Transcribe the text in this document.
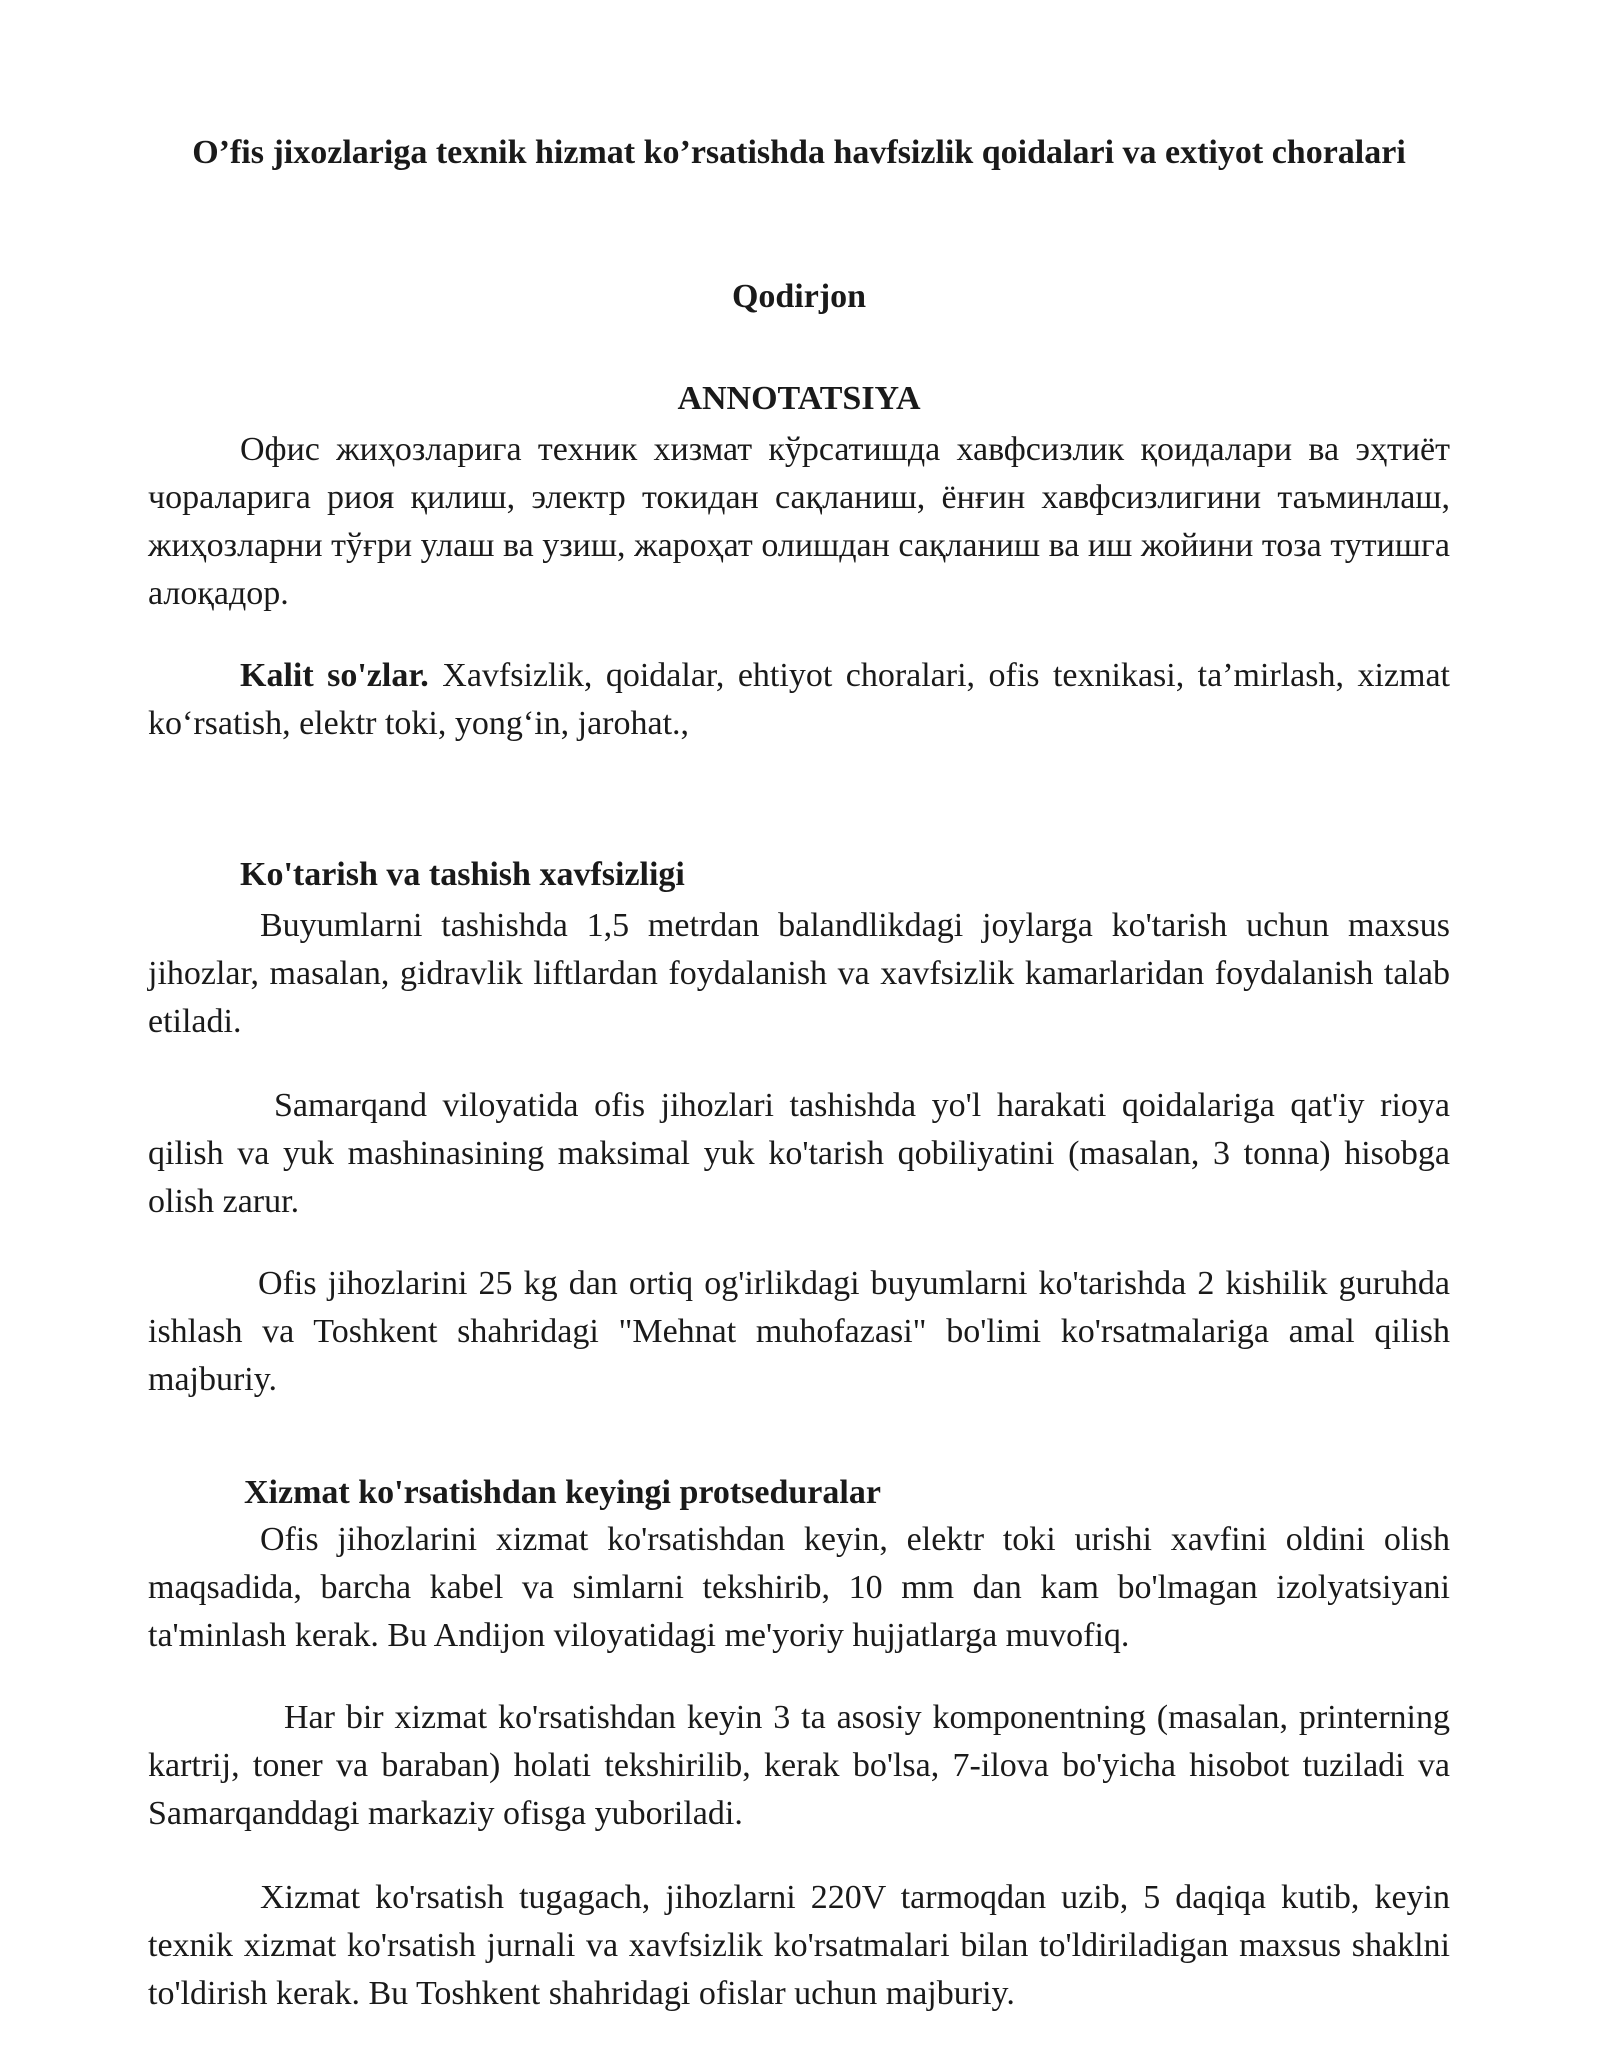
O’fis jixozlariga texnik hizmat ko’rsatishda havfsizlik qoidalari va extiyot choralari
Qodirjon
ANNOTATSIYA

Офис жиҳозларига техник хизмат кўрсатишда хавфсизлик қоидалари ва эҳтиёт чораларига риоя қилиш, электр токидан сақланиш, ёнғин хавфсизлигини таъминлаш, жиҳозларни тўғри улаш ва узиш, жароҳат олишдан сақланиш ва иш жойини тоза тутишга алоқадор.

Kalit so'zlar. Xavfsizlik, qoidalar, ehtiyot choralari, ofis texnikasi, ta’mirlash, xizmat ko‘rsatish, elektr toki, yong‘in, jarohat.,

Ko'tarish va tashish xavfsizligi

Buyumlarni tashishda 1,5 metrdan balandlikdagi joylarga ko'tarish uchun maxsus jihozlar, masalan, gidravlik liftlardan foydalanish va xavfsizlik kamarlaridan foydalanish talab etiladi.

Samarqand viloyatida ofis jihozlari tashishda yo'l harakati qoidalariga qat'iy rioya qilish va yuk mashinasining maksimal yuk ko'tarish qobiliyatini (masalan, 3 tonna) hisobga olish zarur.

Ofis jihozlarini 25 kg dan ortiq og'irlikdagi buyumlarni ko'tarishda 2 kishilik guruhda ishlash va Toshkent shahridagi "Mehnat muhofazasi" bo'limi ko'rsatmalariga amal qilish majburiy.

Xizmat ko'rsatishdan keyingi protseduralar

Ofis jihozlarini xizmat ko'rsatishdan keyin, elektr toki urishi xavfini oldini olish maqsadida, barcha kabel va simlarni tekshirib, 10 mm dan kam bo'lmagan izolyatsiyani ta'minlash kerak. Bu Andijon viloyatidagi me'yoriy hujjatlarga muvofiq.

Har bir xizmat ko'rsatishdan keyin 3 ta asosiy komponentning (masalan, printerning kartrij, toner va baraban) holati tekshirilib, kerak bo'lsa, 7-ilova bo'yicha hisobot tuziladi va Samarqanddagi markaziy ofisga yuboriladi.

Xizmat ko'rsatish tugagach, jihozlarni 220V tarmoqdan uzib, 5 daqiqa kutib, keyin texnik xizmat ko'rsatish jurnali va xavfsizlik ko'rsatmalari bilan to'ldiriladigan maxsus shaklni to'ldirish kerak. Bu Toshkent shahridagi ofislar uchun majburiy.
